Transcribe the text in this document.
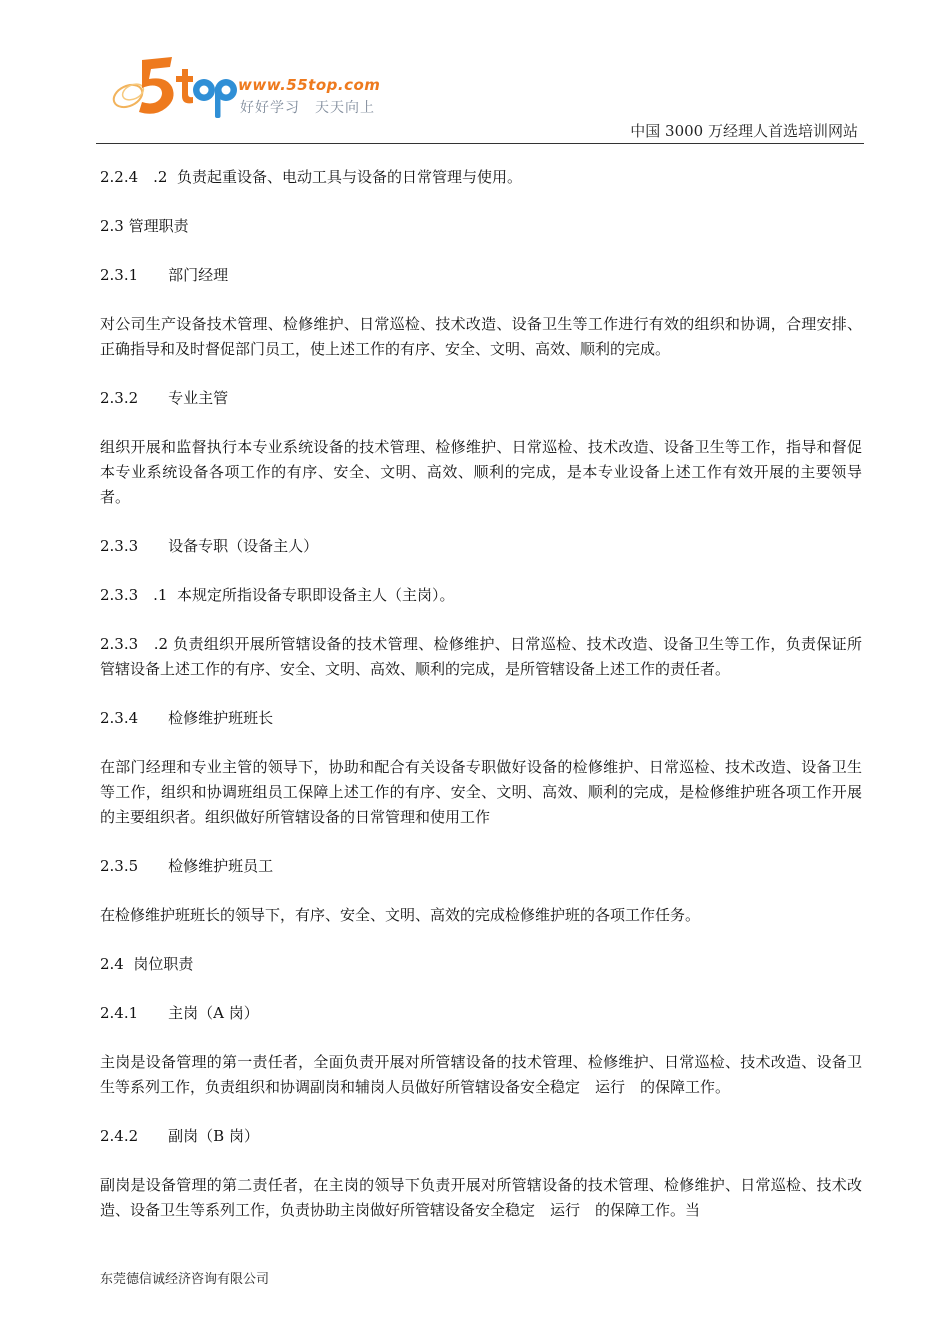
www.55top.com
好好学习　天天向上
中国 3000 万经理人首选培训网站

2.2.4　.2  负责起重设备、电动工具与设备的日常管理与使用。

2.3 管理职责

2.3.1　　部门经理

对公司生产设备技术管理、检修维护、日常巡检、技术改造、设备卫生等工作进行有效的组织和协调，合理安排、正确指导和及时督促部门员工，使上述工作的有序、安全、文明、高效、顺利的完成。

2.3.2　　专业主管

组织开展和监督执行本专业系统设备的技术管理、检修维护、日常巡检、技术改造、设备卫生等工作，指导和督促本专业系统设备各项工作的有序、安全、文明、高效、顺利的完成，是本专业设备上述工作有效开展的主要领导者。

2.3.3　　设备专职（设备主人）

2.3.3　.1  本规定所指设备专职即设备主人（主岗）。

2.3.3　.2 负责组织开展所管辖设备的技术管理、检修维护、日常巡检、技术改造、设备卫生等工作，负责保证所管辖设备上述工作的有序、安全、文明、高效、顺利的完成，是所管辖设备上述工作的责任者。

2.3.4　　检修维护班班长

在部门经理和专业主管的领导下，协助和配合有关设备专职做好设备的检修维护、日常巡检、技术改造、设备卫生等工作，组织和协调班组员工保障上述工作的有序、安全、文明、高效、顺利的完成，是检修维护班各项工作开展的主要组织者。组织做好所管辖设备的日常管理和使用工作

2.3.5　　检修维护班员工

在检修维护班班长的领导下，有序、安全、文明、高效的完成检修维护班的各项工作任务。

2.4  岗位职责

2.4.1　　主岗（A 岗）

主岗是设备管理的第一责任者，全面负责开展对所管辖设备的技术管理、检修维护、日常巡检、技术改造、设备卫生等系列工作，负责组织和协调副岗和辅岗人员做好所管辖设备安全稳定　运行　的保障工作。

2.4.2　　副岗（B 岗）

副岗是设备管理的第二责任者，在主岗的领导下负责开展对所管辖设备的技术管理、检修维护、日常巡检、技术改造、设备卫生等系列工作，负责协助主岗做好所管辖设备安全稳定　运行　的保障工作。当

东莞德信诚经济咨询有限公司
